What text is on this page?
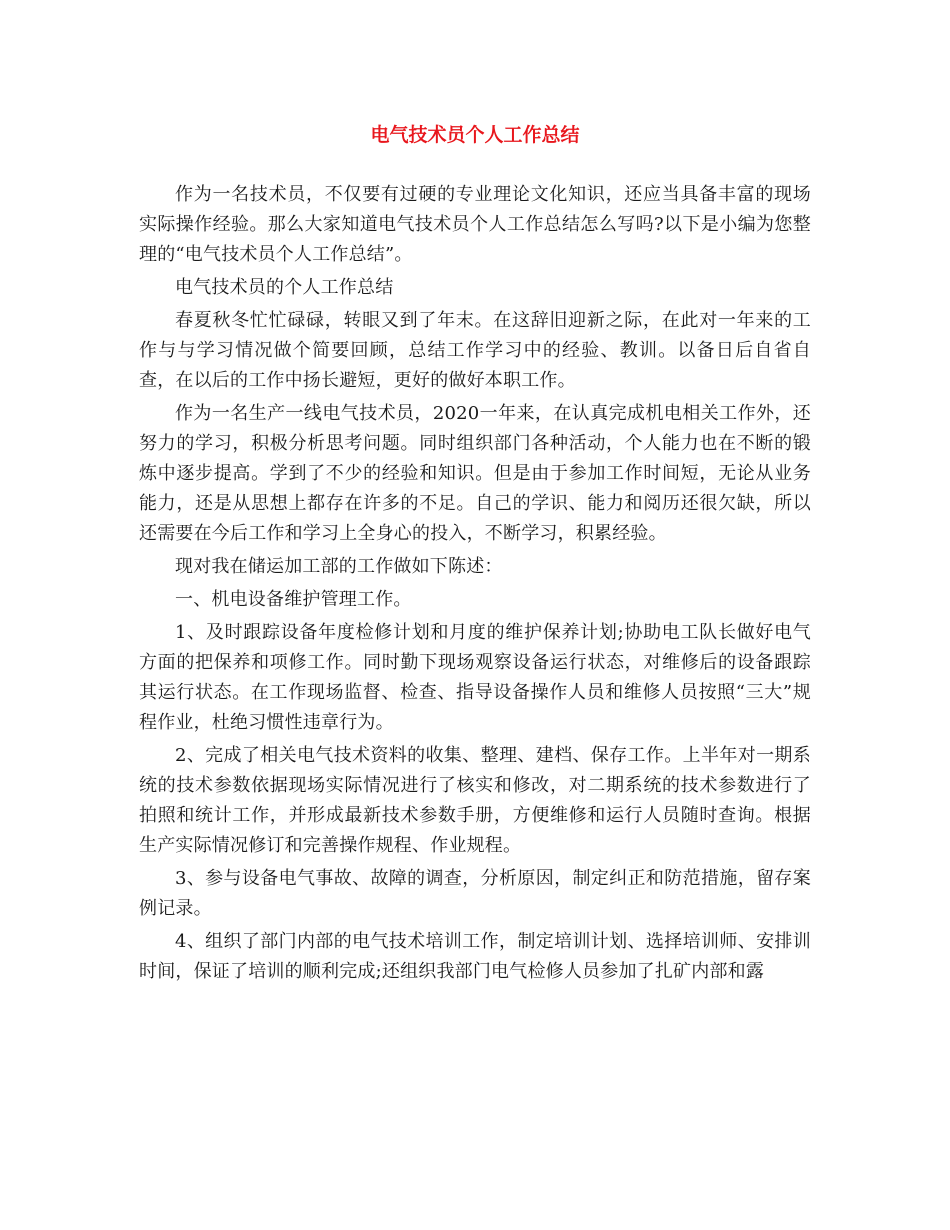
电气技术员个人工作总结

作为一名技术员，不仅要有过硬的专业理论文化知识，还应当具备丰富的现场实际操作经验。那么大家知道电气技术员个人工作总结怎么写吗?以下是小编为您整理的“电气技术员个人工作总结”。

电气技术员的个人工作总结

春夏秋冬忙忙碌碌，转眼又到了年末。在这辞旧迎新之际，在此对一年来的工作与与学习情况做个简要回顾，总结工作学习中的经验、教训。以备日后自省自查，在以后的工作中扬长避短，更好的做好本职工作。

作为一名生产一线电气技术员，2020一年来，在认真完成机电相关工作外，还努力的学习，积极分析思考问题。同时组织部门各种活动，个人能力也在不断的锻炼中逐步提高。学到了不少的经验和知识。但是由于参加工作时间短，无论从业务能力，还是从思想上都存在许多的不足。自己的学识、能力和阅历还很欠缺，所以还需要在今后工作和学习上全身心的投入，不断学习，积累经验。

现对我在储运加工部的工作做如下陈述：

一、机电设备维护管理工作。

1、及时跟踪设备年度检修计划和月度的维护保养计划;协助电工队长做好电气方面的把保养和项修工作。同时勤下现场观察设备运行状态，对维修后的设备跟踪其运行状态。在工作现场监督、检查、指导设备操作人员和维修人员按照“三大”规程作业，杜绝习惯性违章行为。

2、完成了相关电气技术资料的收集、整理、建档、保存工作。上半年对一期系统的技术参数依据现场实际情况进行了核实和修改，对二期系统的技术参数进行了拍照和统计工作，并形成最新技术参数手册，方便维修和运行人员随时查询。根据生产实际情况修订和完善操作规程、作业规程。

3、参与设备电气事故、故障的调查，分析原因，制定纠正和防范措施，留存案例记录。

4、组织了部门内部的电气技术培训工作，制定培训计划、选择培训师、安排训时间，保证了培训的顺利完成;还组织我部门电气检修人员参加了扎矿内部和露
